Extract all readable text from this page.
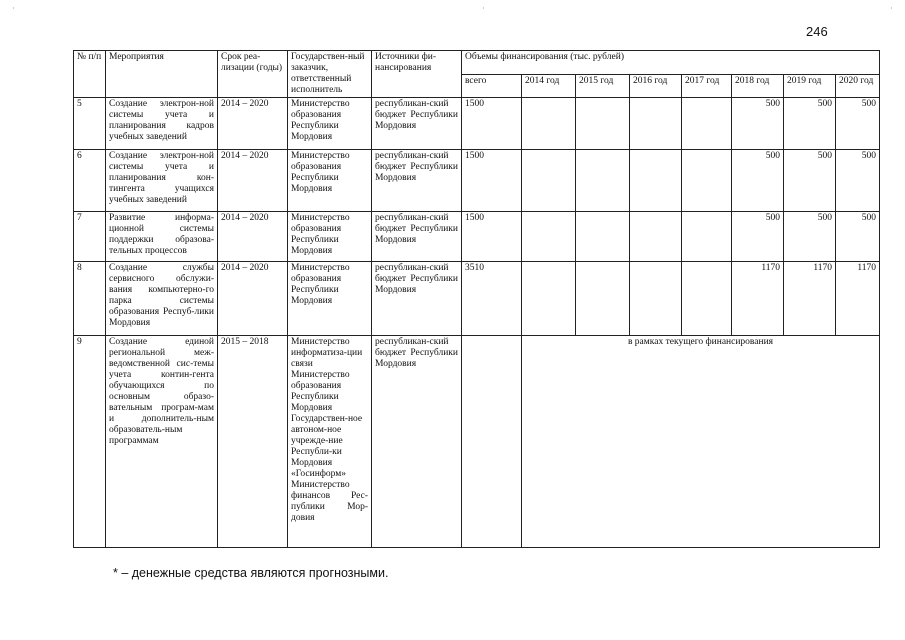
·	·	·
246
№ п/п	Мероприятия	Срок реа-лизации (годы)	Государствен-ный заказчик, ответственный исполнитель	Источники фи-нансирования	Объемы финансирования (тыс. рублей)							
					всего	2014 год	2015 год	2016 год	2017 год	2018 год	2019 год	2020 год
5	Создание электрон-ной системы учета и планирования кадров учебных заведений	2014 – 2020	Министерство образования Республики Мордовия	республикан-ский бюджет Республики Мордовия	1500					500	500	500
6	Создание электрон-ной системы учета и планирования кон-тингента учащихся учебных заведений	2014 – 2020	Министерство образования Республики Мордовия	республикан-ский бюджет Республики Мордовия	1500					500	500	500
7	Развитие информа-ционной системы поддержки образова-тельных процессов	2014 – 2020	Министерство образования Республики Мордовия	республикан-ский бюджет Республики Мордовия	1500					500	500	500
8	Создание службы сервисного обслужи-вания компьютерно-го парка системы образования Респуб-лики Мордовия	2014 – 2020	Министерство образования Республики Мордовия	республикан-ский бюджет Республики Мордовия	3510					1170	1170	1170
9	Создание единой региональной меж-ведомственной сис-темы учета контин-гента обучающихся по основным образо-вательным програм-мам и дополнитель-ным образователь-ным программам	2015 – 2018	Министерство информатиза-ции связи Министерство образования Республики Мордовия Государствен-ное автоном-ное учрежде-ние Республи-ки Мордовия «Госинформ» Министерство финансов Рес-публики Мор-довия	республикан-ский бюджет Республики Мордовия		в рамках текущего финансирования						
* – денежные средства являются прогнозными.
